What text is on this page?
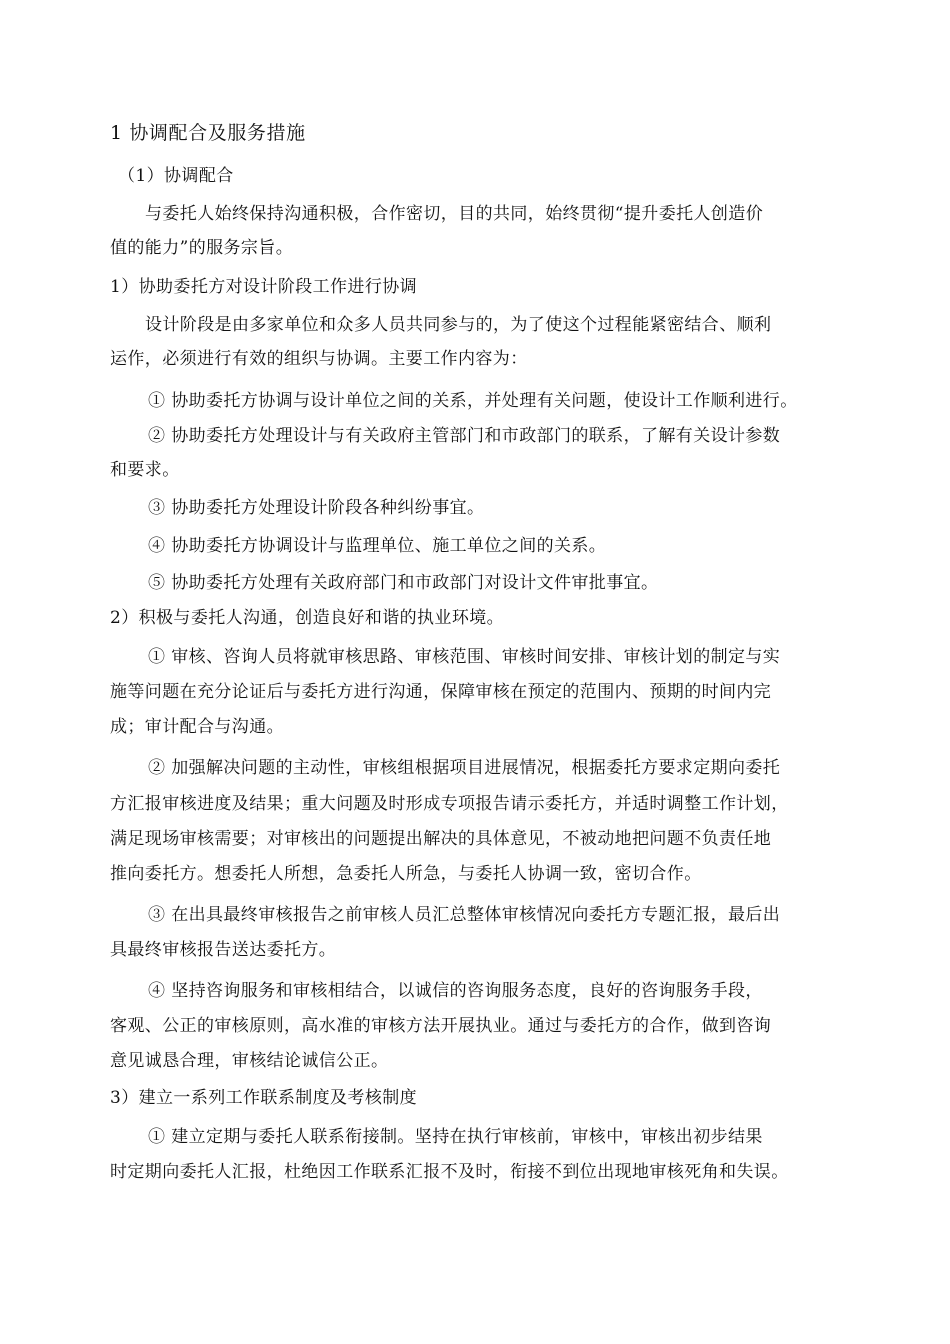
1 协调配合及服务措施
（1）协调配合
与委托人始终保持沟通积极，合作密切，目的共同，始终贯彻“提升委托人创造价
值的能力”的服务宗旨。
1）协助委托方对设计阶段工作进行协调
设计阶段是由多家单位和众多人员共同参与的，为了使这个过程能紧密结合、顺利
运作，必须进行有效的组织与协调。主要工作内容为：
① 协助委托方协调与设计单位之间的关系，并处理有关问题，使设计工作顺利进行。
② 协助委托方处理设计与有关政府主管部门和市政部门的联系，了解有关设计参数
和要求。
③ 协助委托方处理设计阶段各种纠纷事宜。
④ 协助委托方协调设计与监理单位、施工单位之间的关系。
⑤ 协助委托方处理有关政府部门和市政部门对设计文件审批事宜。
2）积极与委托人沟通，创造良好和谐的执业环境。
① 审核、咨询人员将就审核思路、审核范围、审核时间安排、审核计划的制定与实
施等问题在充分论证后与委托方进行沟通，保障审核在预定的范围内、预期的时间内完
成；审计配合与沟通。
② 加强解决问题的主动性，审核组根据项目进展情况，根据委托方要求定期向委托
方汇报审核进度及结果；重大问题及时形成专项报告请示委托方，并适时调整工作计划，
满足现场审核需要；对审核出的问题提出解决的具体意见，不被动地把问题不负责任地
推向委托方。想委托人所想，急委托人所急，与委托人协调一致，密切合作。
③ 在出具最终审核报告之前审核人员汇总整体审核情况向委托方专题汇报，最后出
具最终审核报告送达委托方。
④ 坚持咨询服务和审核相结合，以诚信的咨询服务态度，良好的咨询服务手段，
客观、公正的审核原则，高水准的审核方法开展执业。通过与委托方的合作，做到咨询
意见诚恳合理，审核结论诚信公正。
3）建立一系列工作联系制度及考核制度
① 建立定期与委托人联系衔接制。坚持在执行审核前，审核中，审核出初步结果
时定期向委托人汇报，杜绝因工作联系汇报不及时，衔接不到位出现地审核死角和失误。
